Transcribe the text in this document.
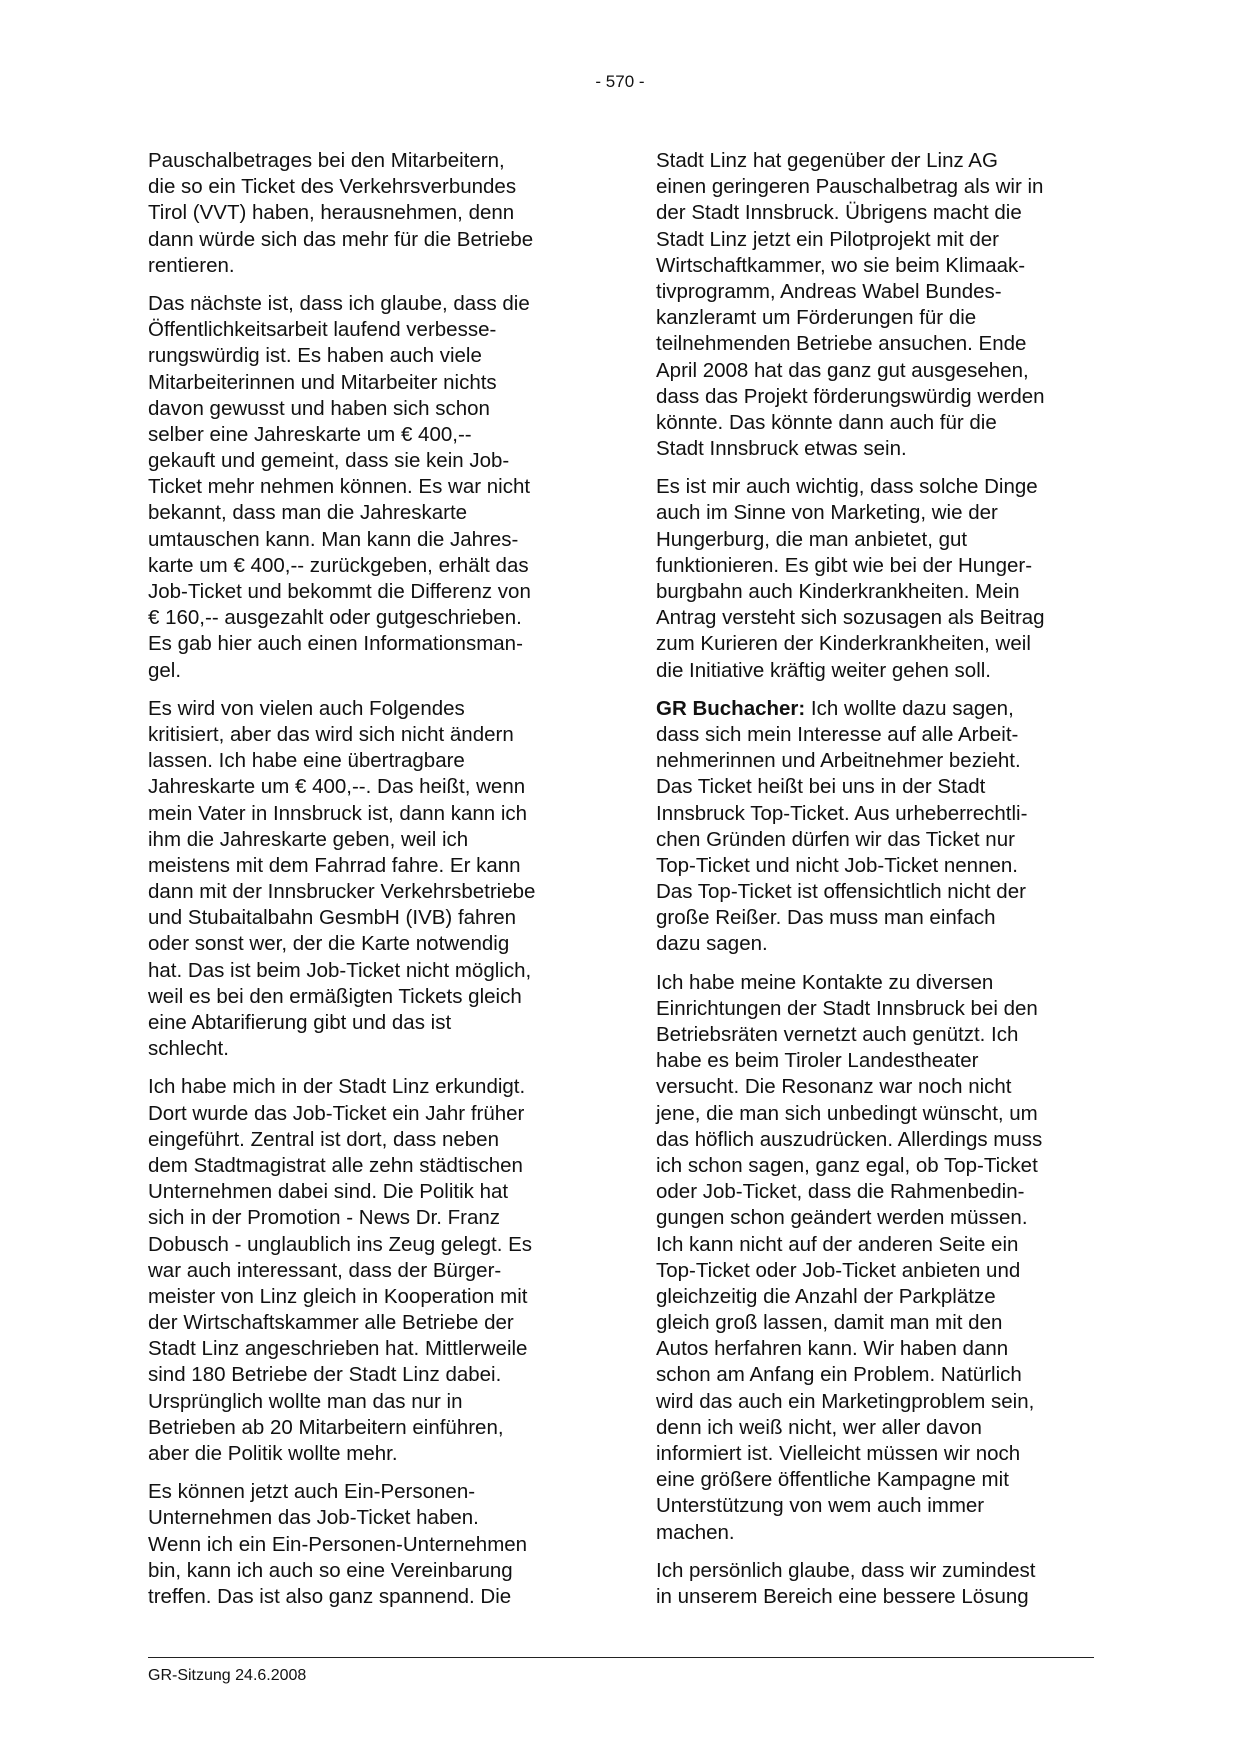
- 570 -
Pauschalbetrages bei den Mitarbeitern,
die so ein Ticket des Verkehrsverbundes
Tirol (VVT) haben, herausnehmen, denn
dann würde sich das mehr für die Betriebe
rentieren.
Das nächste ist, dass ich glaube, dass die
Öffentlichkeitsarbeit laufend verbesse-
rungswürdig ist. Es haben auch viele
Mitarbeiterinnen und Mitarbeiter nichts
davon gewusst und haben sich schon
selber eine Jahreskarte um € 400,--
gekauft und gemeint, dass sie kein Job-
Ticket mehr nehmen können. Es war nicht
bekannt, dass man die Jahreskarte
umtauschen kann. Man kann die Jahres-
karte um € 400,-- zurückgeben, erhält das
Job-Ticket und bekommt die Differenz von
€ 160,-- ausgezahlt oder gutgeschrieben.
Es gab hier auch einen Informationsman-
gel.
Es wird von vielen auch Folgendes
kritisiert, aber das wird sich nicht ändern
lassen. Ich habe eine übertragbare
Jahreskarte um € 400,--. Das heißt, wenn
mein Vater in Innsbruck ist, dann kann ich
ihm die Jahreskarte geben, weil ich
meistens mit dem Fahrrad fahre. Er kann
dann mit der Innsbrucker Verkehrsbetriebe
und Stubaitalbahn GesmbH (IVB) fahren
oder sonst wer, der die Karte notwendig
hat. Das ist beim Job-Ticket nicht möglich,
weil es bei den ermäßigten Tickets gleich
eine Abtarifierung gibt und das ist
schlecht.
Ich habe mich in der Stadt Linz erkundigt.
Dort wurde das Job-Ticket ein Jahr früher
eingeführt. Zentral ist dort, dass neben
dem Stadtmagistrat alle zehn städtischen
Unternehmen dabei sind. Die Politik hat
sich in der Promotion - News Dr. Franz
Dobusch - unglaublich ins Zeug gelegt. Es
war auch interessant, dass der Bürger-
meister von Linz gleich in Kooperation mit
der Wirtschaftskammer alle Betriebe der
Stadt Linz angeschrieben hat. Mittlerweile
sind 180 Betriebe der Stadt Linz dabei.
Ursprünglich wollte man das nur in
Betrieben ab 20 Mitarbeitern einführen,
aber die Politik wollte mehr.
Es können jetzt auch Ein-Personen-
Unternehmen das Job-Ticket haben.
Wenn ich ein Ein-Personen-Unternehmen
bin, kann ich auch so eine Vereinbarung
treffen. Das ist also ganz spannend. Die
Stadt Linz hat gegenüber der Linz AG
einen geringeren Pauschalbetrag als wir in
der Stadt Innsbruck. Übrigens macht die
Stadt Linz jetzt ein Pilotprojekt mit der
Wirtschaftkammer, wo sie beim Klimaak-
tivprogramm, Andreas Wabel Bundes-
kanzleramt um Förderungen für die
teilnehmenden Betriebe ansuchen. Ende
April 2008 hat das ganz gut ausgesehen,
dass das Projekt förderungswürdig werden
könnte. Das könnte dann auch für die
Stadt Innsbruck etwas sein.
Es ist mir auch wichtig, dass solche Dinge
auch im Sinne von Marketing, wie der
Hungerburg, die man anbietet, gut
funktionieren. Es gibt wie bei der Hunger-
burgbahn auch Kinderkrankheiten. Mein
Antrag versteht sich sozusagen als Beitrag
zum Kurieren der Kinderkrankheiten, weil
die Initiative kräftig weiter gehen soll.
GR Buchacher: Ich wollte dazu sagen,
dass sich mein Interesse auf alle Arbeit-
nehmerinnen und Arbeitnehmer bezieht.
Das Ticket heißt bei uns in der Stadt
Innsbruck Top-Ticket. Aus urheberrechtli-
chen Gründen dürfen wir das Ticket nur
Top-Ticket und nicht Job-Ticket nennen.
Das Top-Ticket ist offensichtlich nicht der
große Reißer. Das muss man einfach
dazu sagen.
Ich habe meine Kontakte zu diversen
Einrichtungen der Stadt Innsbruck bei den
Betriebsräten vernetzt auch genützt. Ich
habe es beim Tiroler Landestheater
versucht. Die Resonanz war noch nicht
jene, die man sich unbedingt wünscht, um
das höflich auszudrücken. Allerdings muss
ich schon sagen, ganz egal, ob Top-Ticket
oder Job-Ticket, dass die Rahmenbedin-
gungen schon geändert werden müssen.
Ich kann nicht auf der anderen Seite ein
Top-Ticket oder Job-Ticket anbieten und
gleichzeitig die Anzahl der Parkplätze
gleich groß lassen, damit man mit den
Autos herfahren kann. Wir haben dann
schon am Anfang ein Problem. Natürlich
wird das auch ein Marketingproblem sein,
denn ich weiß nicht, wer aller davon
informiert ist. Vielleicht müssen wir noch
eine größere öffentliche Kampagne mit
Unterstützung von wem auch immer
machen.
Ich persönlich glaube, dass wir zumindest
in unserem Bereich eine bessere Lösung
GR-Sitzung 24.6.2008
